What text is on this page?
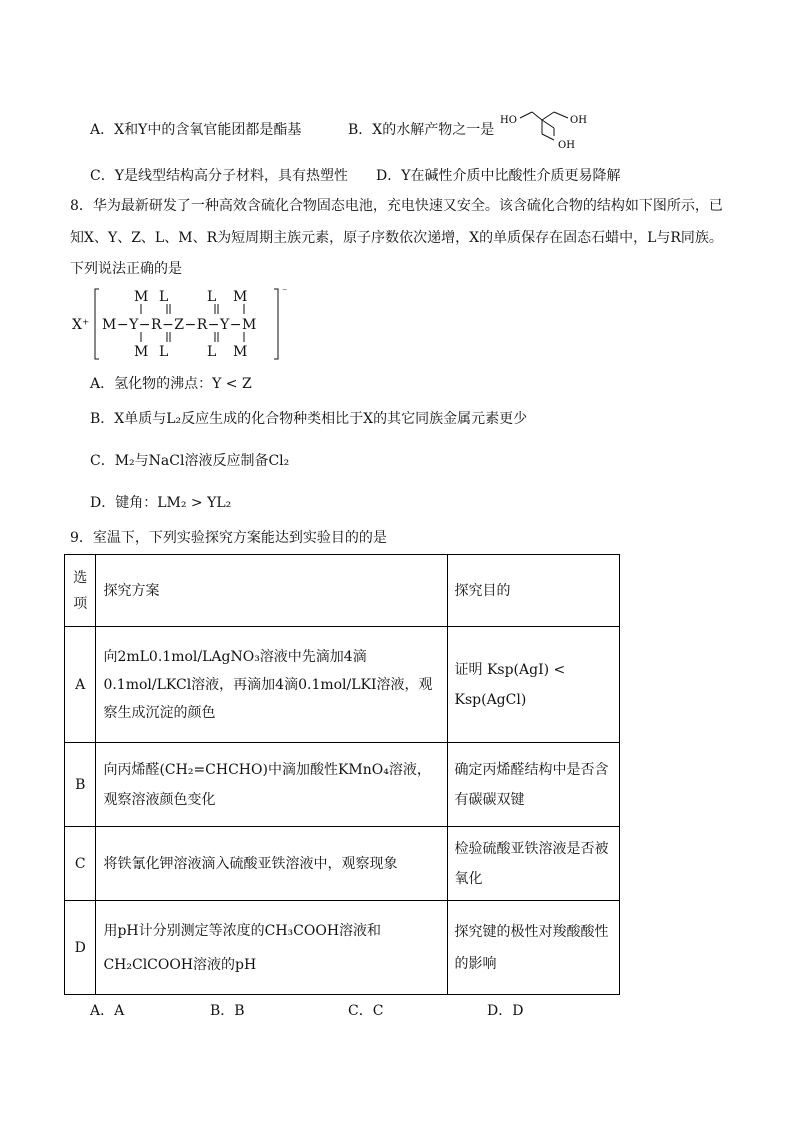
A．X和Y中的含氧官能团都是酯基	B．X的水解产物之一是
HO	OH
OH
C．Y是线型结构高分子材料，具有热塑性 D．Y在碱性介质中比酸性介质更易降解
8．华为最新研发了一种高效含硫化合物固态电池，充电快速又安全。该含硫化合物的结构如下图所示，已
知X、Y、Z、L、M、R为短周期主族元素，原子序数依次递增，X的单质保存在固态石蜡中，L与R同族。
下列说法正确的是
X⁺
⁻
M L	L M
M−Y−R−Z−R−Y−M
M L	L M
A．氢化物的沸点：Y < Z
B．X单质与L₂反应生成的化合物种类相比于X的其它同族金属元素更少
C．M₂与NaCl溶液反应制备Cl₂
D．键角：LM₂ > YL₂
9．室温下，下列实验探究方案能达到实验目的的是
选项	探究方案	探究目的
A	向2mL0.1mol/LAgNO₃溶液中先滴加4滴0.1mol/LKCl溶液，再滴加4滴0.1mol/LKI溶液，观察生成沉淀的颜色	证明 Ksp(AgI) < Ksp(AgCl)

B	向丙烯醛(CH₂=CHCHO)中滴加酸性KMnO₄溶液，观察溶液颜色变化	确定丙烯醛结构中是否含有碳碳双键

C	将铁氰化钾溶液滴入硫酸亚铁溶液中，观察现象	检验硫酸亚铁溶液是否被氧化

D	用pH计分别测定等浓度的CH₃COOH溶液和CH₂ClCOOH溶液的pH	探究键的极性对羧酸酸性的影响
A．A	B．B	C．C	D．D
